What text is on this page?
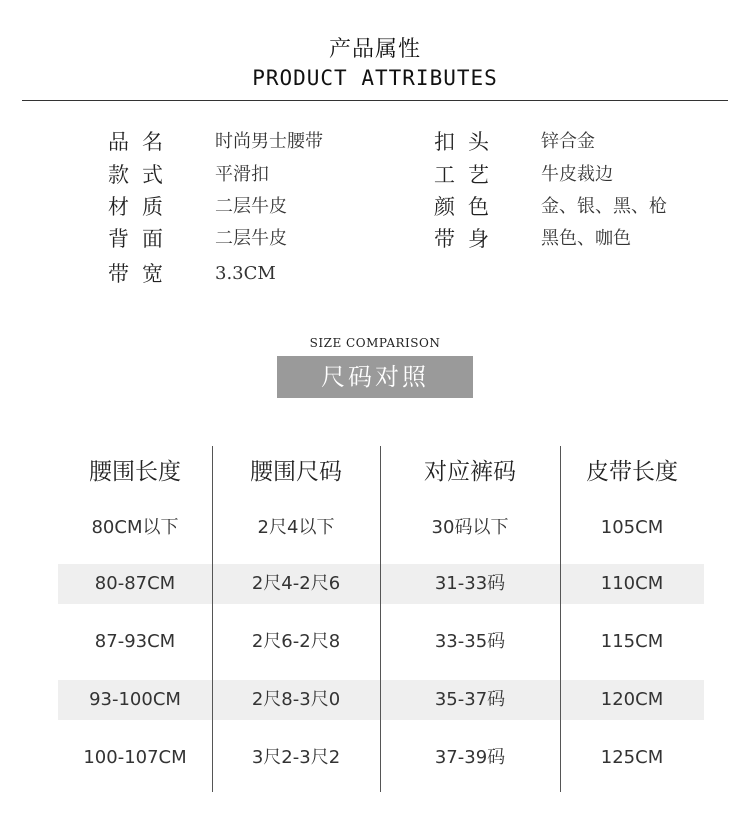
产品属性
PRODUCT ATTRIBUTES
品名 时尚男士腰带
款式 平滑扣
材质 二层牛皮
背面 二层牛皮
带宽 3.3CM
扣头 锌合金
工艺 牛皮裁边
颜色 金、银、黑、枪
带身 黑色、咖色
SIZE COMPARISON
尺码对照
腰围长度	腰围尺码	对应裤码	皮带长度
80CM以下	2尺4以下	30码以下	105CM
80-87CM	2尺4-2尺6	31-33码	110CM
87-93CM	2尺6-2尺8	33-35码	115CM
93-100CM	2尺8-3尺0	35-37码	120CM
100-107CM	3尺2-3尺2	37-39码	125CM
